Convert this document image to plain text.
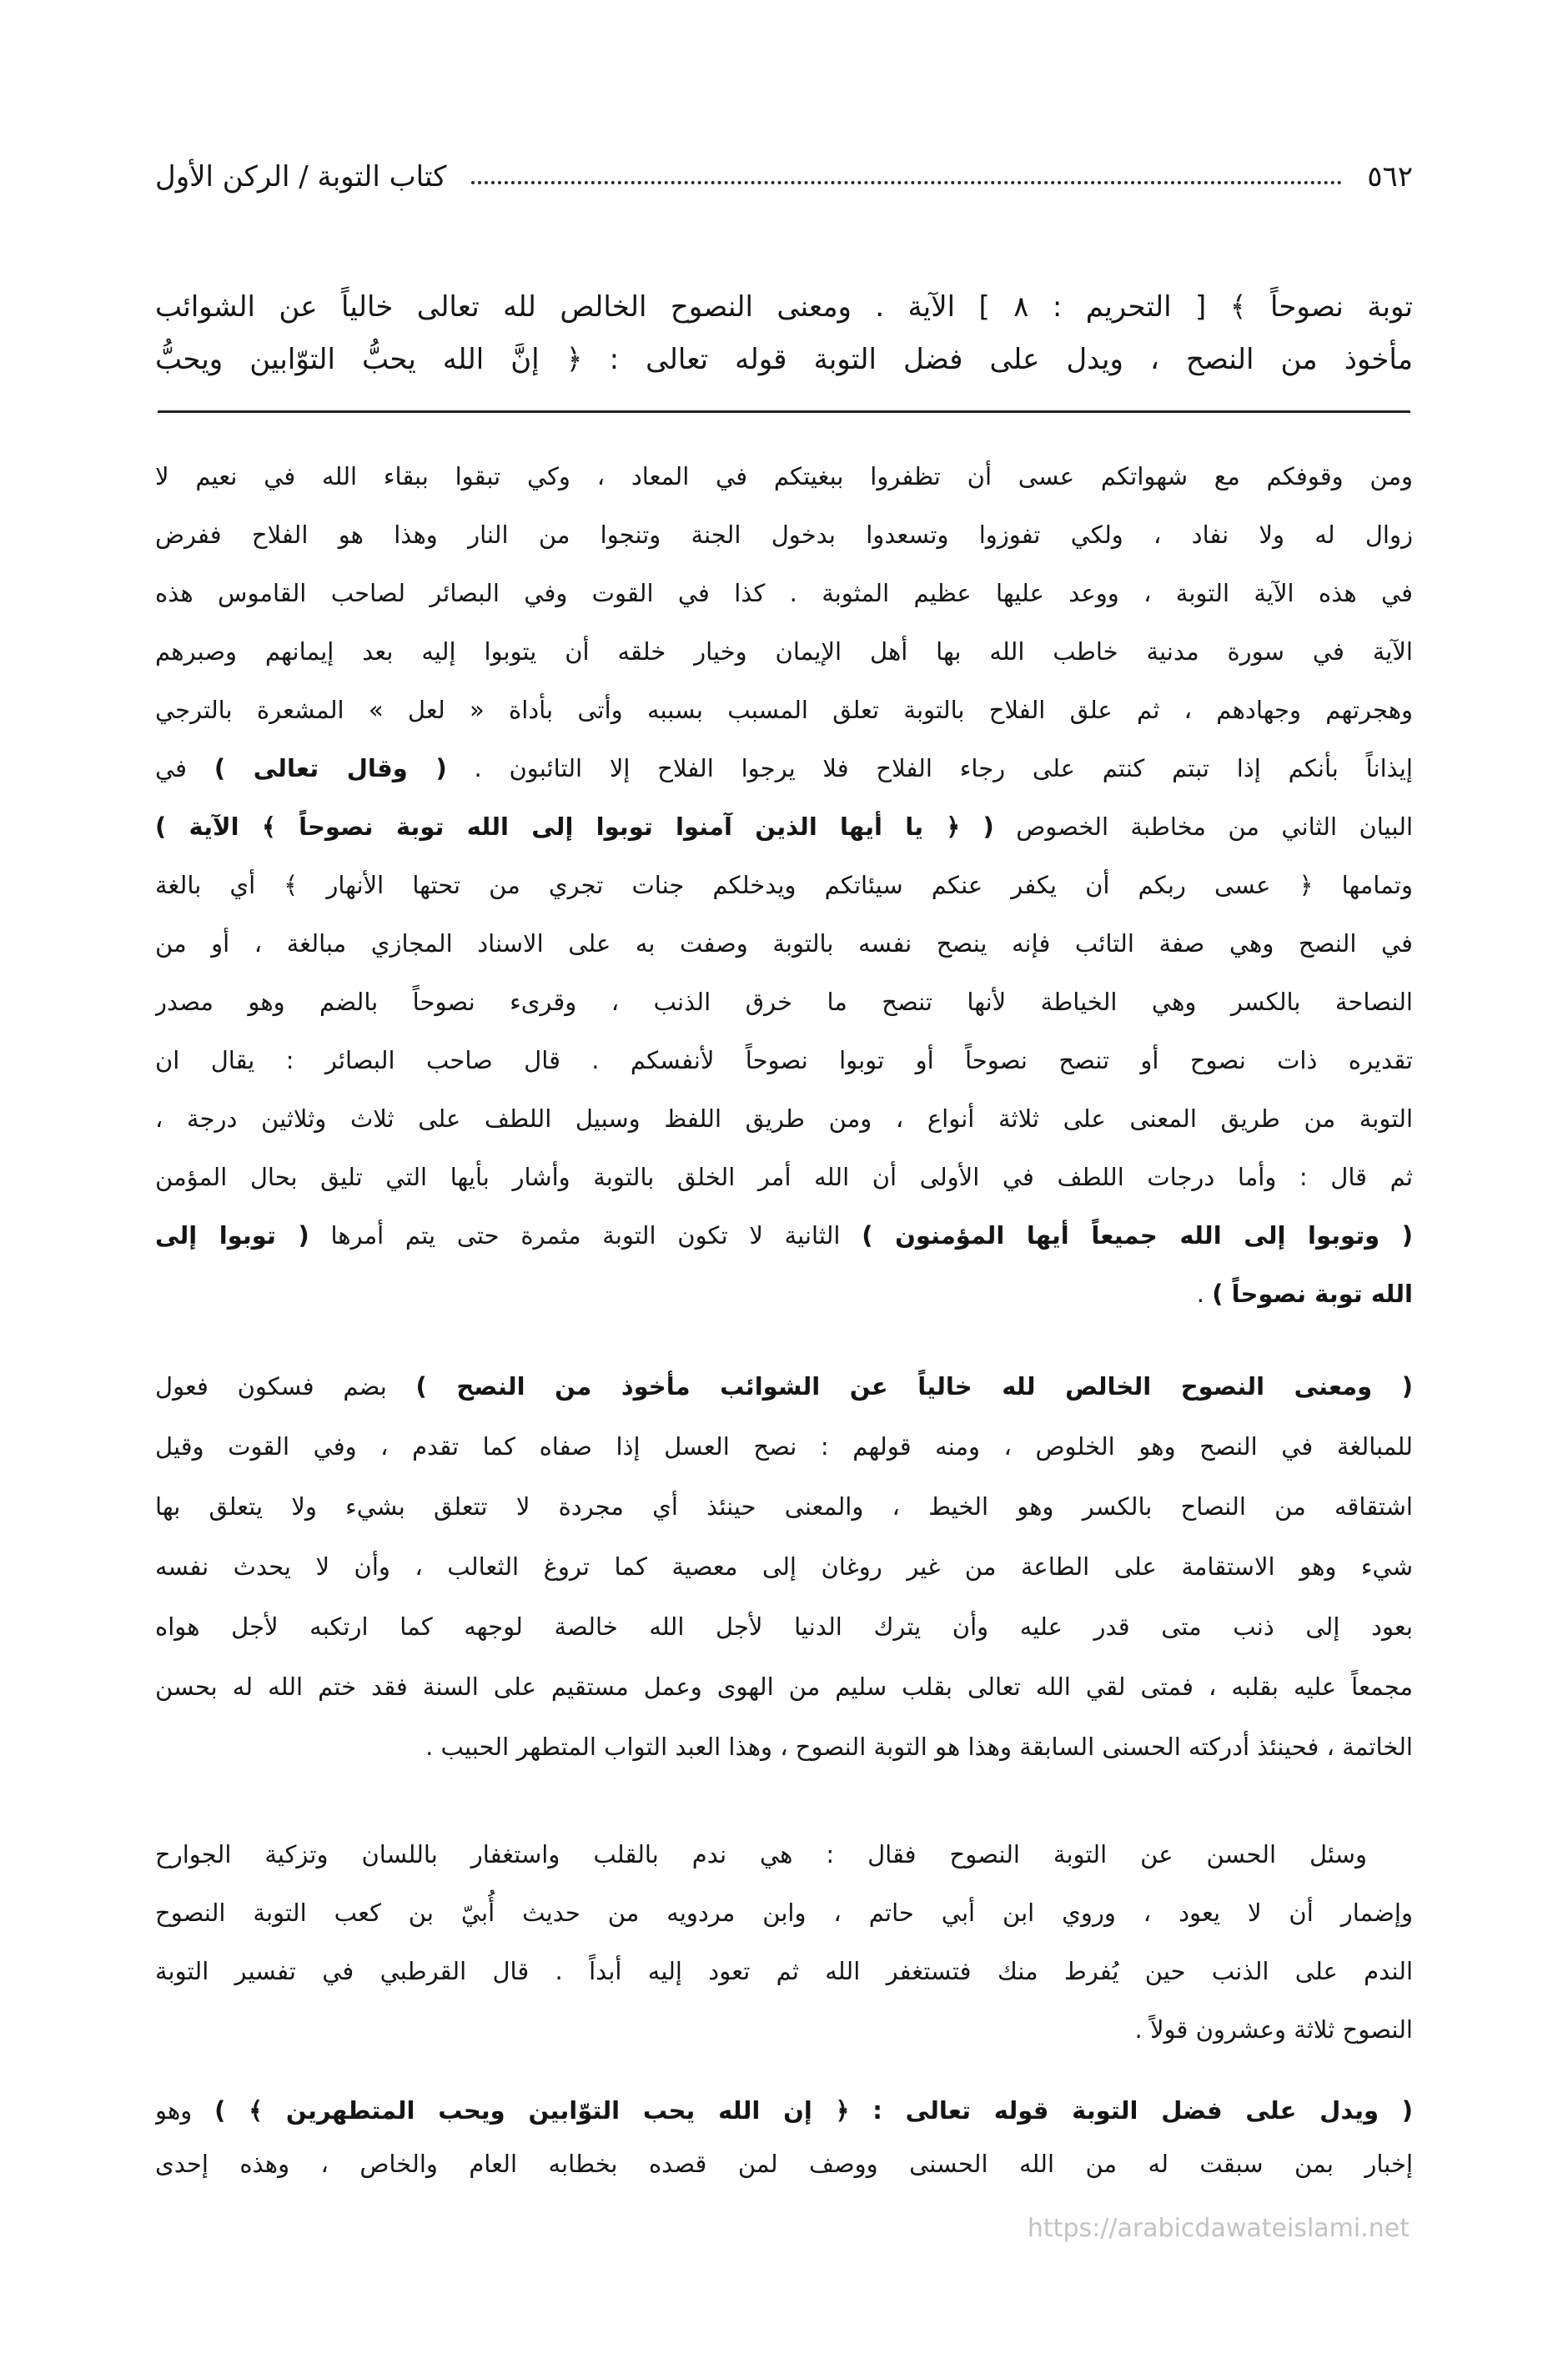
٥٦٢
كتاب التوبة / الركن الأول
توبة نصوحاً ﴾ [ التحريم : ٨ ] الآية . ومعنى النصوح الخالص لله تعالى خالياً عن الشوائب
مأخوذ من النصح ، ويدل على فضل التوبة قوله تعالى : ﴿ إنَّ الله يحبُّ التوّابين ويحبُّ
ومن وقوفكم مع شهواتكم عسى أن تظفروا ببغيتكم في المعاد ، وكي تبقوا ببقاء الله في نعيم لا
زوال له ولا نفاد ، ولكي تفوزوا وتسعدوا بدخول الجنة وتنجوا من النار وهذا هو الفلاح ففرض
في هذه الآية التوبة ، ووعد عليها عظيم المثوبة . كذا في القوت وفي البصائر لصاحب القاموس هذه
الآية في سورة مدنية خاطب الله بها أهل الإيمان وخيار خلقه أن يتوبوا إليه بعد إيمانهم وصبرهم
وهجرتهم وجهادهم ، ثم علق الفلاح بالتوبة تعلق المسبب بسببه وأتى بأداة « لعل » المشعرة بالترجي
إيذاناً بأنكم إذا تبتم كنتم على رجاء الفلاح فلا يرجوا الفلاح إلا التائبون . ( وقال تعالى ) في
البيان الثاني من مخاطبة الخصوص ( ﴿ يا أيها الذين آمنوا توبوا إلى الله توبة نصوحاً ﴾ الآية )
وتمامها ﴿ عسى ربكم أن يكفر عنكم سيئاتكم ويدخلكم جنات تجري من تحتها الأنهار ﴾ أي بالغة
في النصح وهي صفة التائب فإنه ينصح نفسه بالتوبة وصفت به على الاسناد المجازي مبالغة ، أو من
النصاحة بالكسر وهي الخياطة لأنها تنصح ما خرق الذنب ، وقرىء نصوحاً بالضم وهو مصدر
تقديره ذات نصوح أو تنصح نصوحاً أو توبوا نصوحاً لأنفسكم . قال صاحب البصائر : يقال ان
التوبة من طريق المعنى على ثلاثة أنواع ، ومن طريق اللفظ وسبيل اللطف على ثلاث وثلاثين درجة ،
ثم قال : وأما درجات اللطف في الأولى أن الله أمر الخلق بالتوبة وأشار بأيها التي تليق بحال المؤمن
( وتوبوا إلى الله جميعاً أيها المؤمنون ) الثانية لا تكون التوبة مثمرة حتى يتم أمرها ( توبوا إلى
الله توبة نصوحاً ) .
( ومعنى النصوح الخالص لله خالياً عن الشوائب مأخوذ من النصح ) بضم فسكون فعول
للمبالغة في النصح وهو الخلوص ، ومنه قولهم : نصح العسل إذا صفاه كما تقدم ، وفي القوت وقيل
اشتقاقه من النصاح بالكسر وهو الخيط ، والمعنى حينئذ أي مجردة لا تتعلق بشيء ولا يتعلق بها
شيء وهو الاستقامة على الطاعة من غير روغان إلى معصية كما تروغ الثعالب ، وأن لا يحدث نفسه
بعود إلى ذنب متى قدر عليه وأن يترك الدنيا لأجل الله خالصة لوجهه كما ارتكبه لأجل هواه
مجمعاً عليه بقلبه ، فمتى لقي الله تعالى بقلب سليم من الهوى وعمل مستقيم على السنة فقد ختم الله له بحسن
الخاتمة ، فحينئذ أدركته الحسنى السابقة وهذا هو التوبة النصوح ، وهذا العبد التواب المتطهر الحبيب .
وسئل الحسن عن التوبة النصوح فقال : هي ندم بالقلب واستغفار باللسان وتزكية الجوارح
وإضمار أن لا يعود ، وروي ابن أبي حاتم ، وابن مردويه من حديث أُبيّ بن كعب التوبة النصوح
الندم على الذنب حين يُفرط منك فتستغفر الله ثم تعود إليه أبداً . قال القرطبي في تفسير التوبة
النصوح ثلاثة وعشرون قولاً .
( ويدل على فضل التوبة قوله تعالى : ﴿ إن الله يحب التوّابين ويحب المتطهرين ﴾ ) وهو
إخبار بمن سبقت له من الله الحسنى ووصف لمن قصده بخطابه العام والخاص ، وهذه إحدى
https://arabicdawateislami.net
